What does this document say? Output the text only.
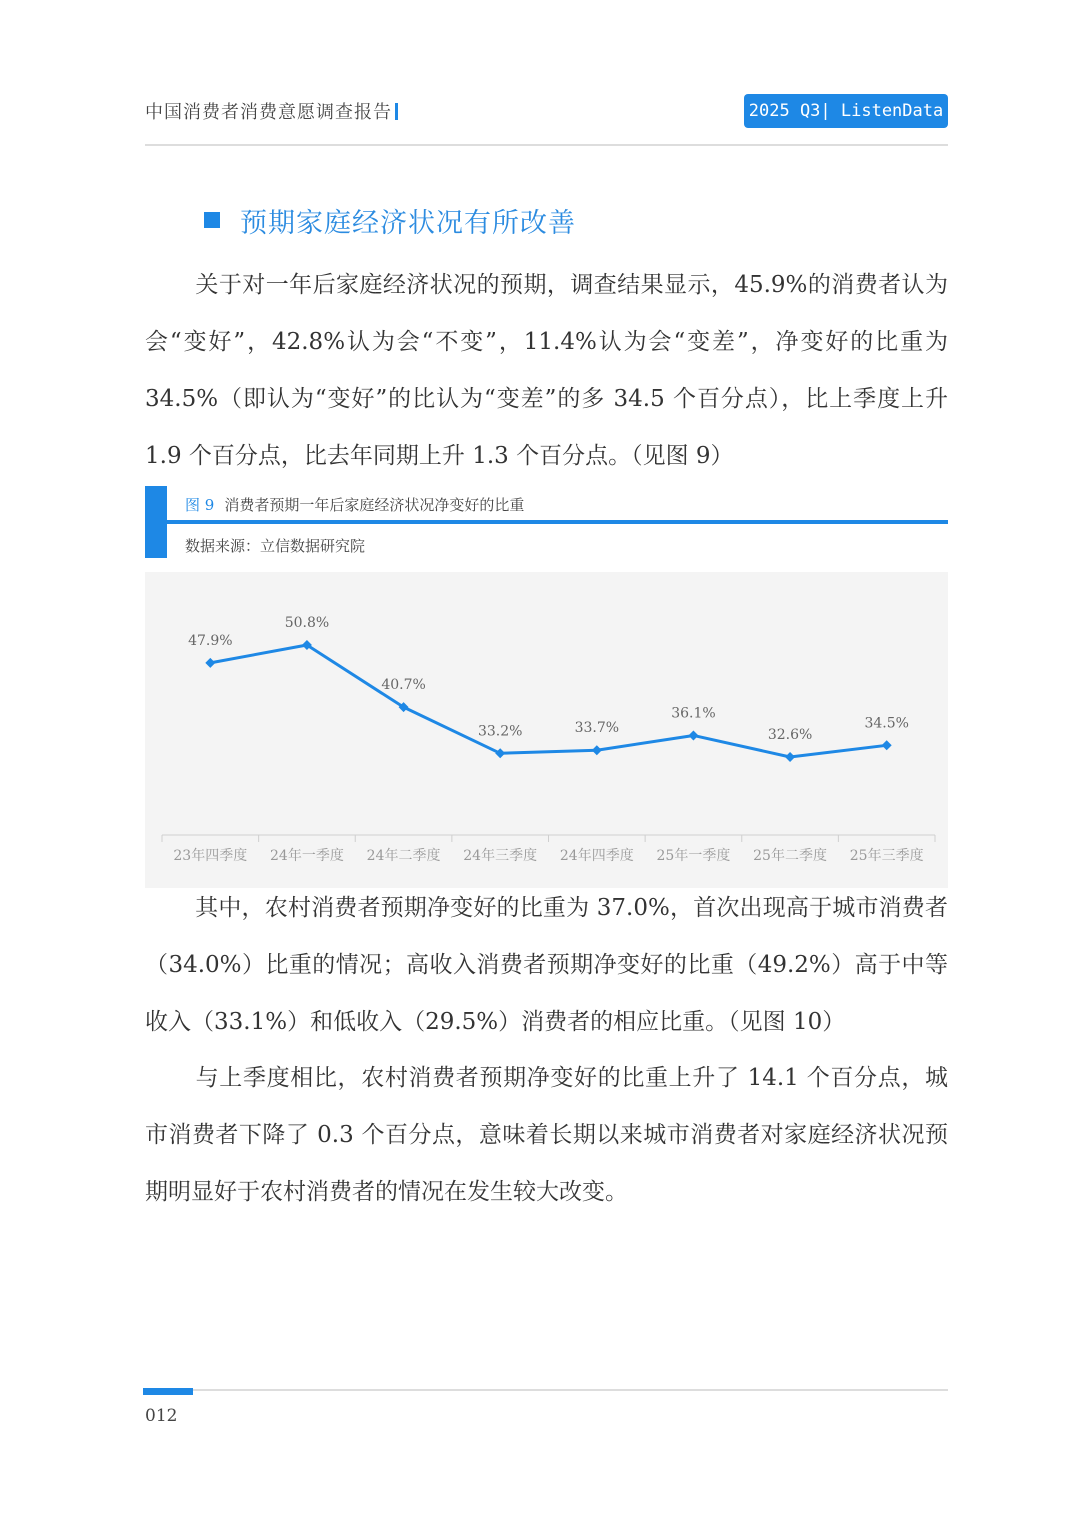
中国消费者消费意愿调查报告	2025 Q3| ListenData
预期家庭经济状况有所改善

关于对一年后家庭经济状况的预期，调查结果显示，45.9%的消费者认为会“变好”，42.8%认为会“不变”，11.4%认为会“变差”，净变好的比重为 34.5%（即认为“变好”的比认为“变差”的多 34.5 个百分点），比上季度上升 1.9 个百分点，比去年同期上升 1.3 个百分点。（见图 9）

图 9 消费者预期一年后家庭经济状况净变好的比重
数据来源：立信数据研究院
23年四季度 24年一季度 24年二季度 24年三季度 24年四季度 25年一季度 25年二季度 25年三季度
47.9%
50.8%
40.7%
33.2%	33.7%
36.1%
32.6%
34.5%

其中，农村消费者预期净变好的比重为 37.0%，首次出现高于城市消费者（34.0%）比重的情况；高收入消费者预期净变好的比重（49.2%）高于中等收入（33.1%）和低收入（29.5%）消费者的相应比重。（见图 10）

与上季度相比，农村消费者预期净变好的比重上升了 14.1 个百分点，城市消费者下降了 0.3 个百分点，意味着长期以来城市消费者对家庭经济状况预期明显好于农村消费者的情况在发生较大改变。

012
